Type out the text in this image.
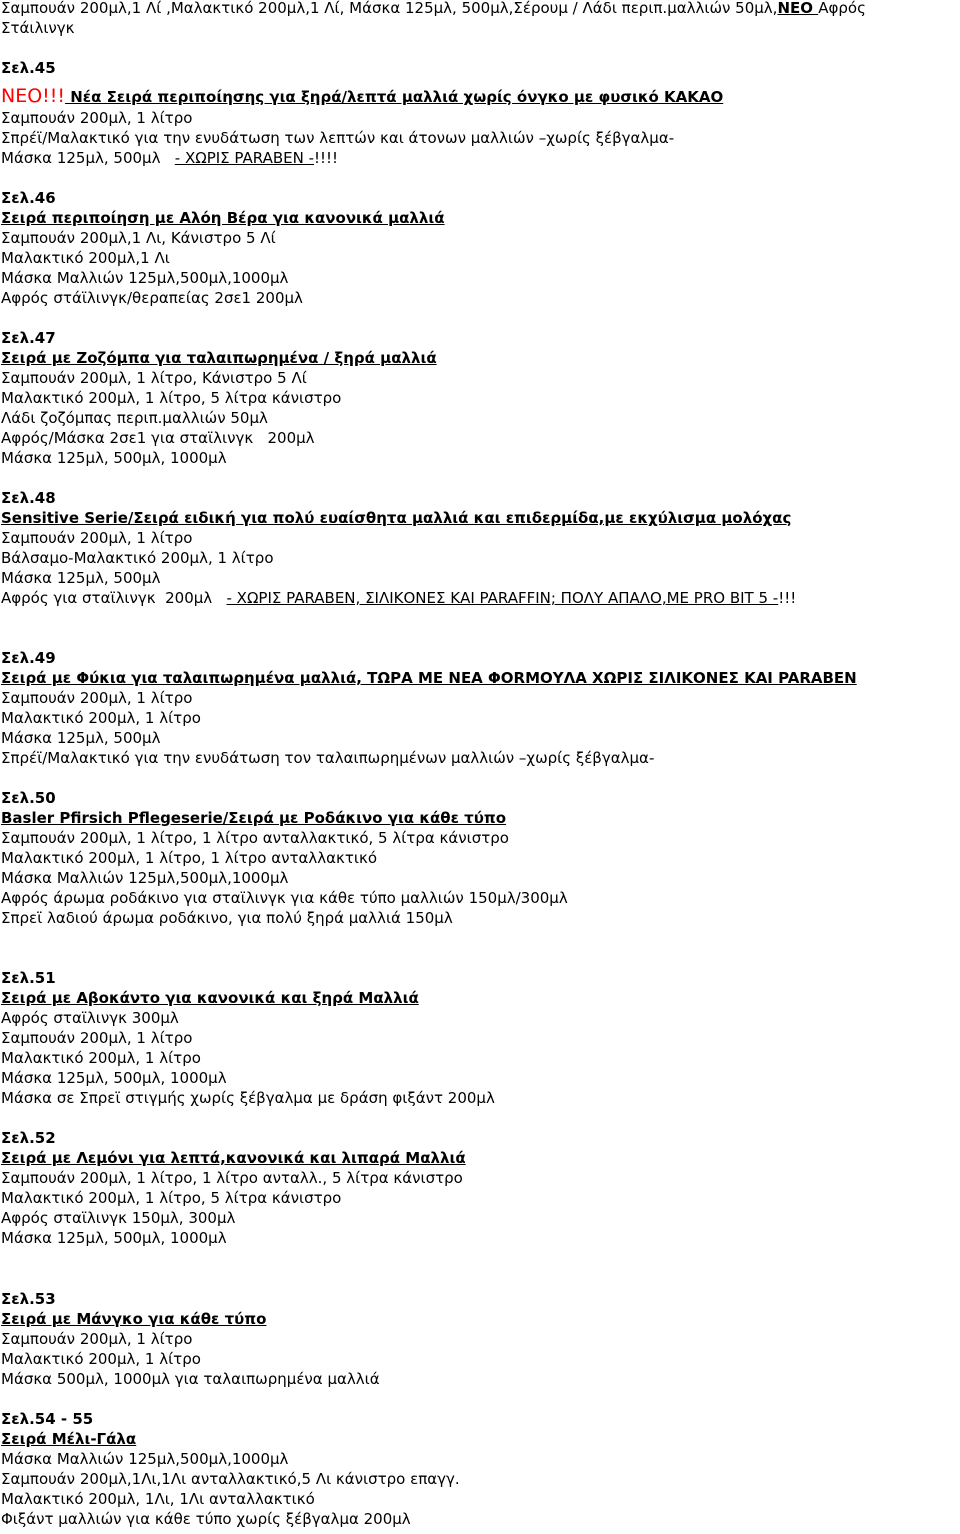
Σαμπουάν 200μλ,1 Λί ,Μαλακτικό 200μλ,1 Λί, Μάσκα 125μλ, 500μλ,Σέρουμ / Λάδι περιπ.μαλλιών 50μλ,ΝΕΟ Αφρός
Στάιλινγκ
Σελ.45
ΝΕΟ!!! Νέα Σειρά περιποίησης για ξηρά/λεπτά μαλλιά χωρίς όνγκο με φυσικό ΚΑΚΑΟ
Σαμπουάν 200μλ, 1 λίτρο
Σπρέϊ/Μαλακτικό για την ενυδάτωση των λεπτών και άτονων μαλλιών –χωρίς ξέβγαλμα-
Μάσκα 125μλ, 500μλ   - ΧΩΡΙΣ PARABEN -!!!!
Σελ.46
Σειρά περιποίηση με Αλόη Βέρα για κανονικά μαλλιά
Σαμπουάν 200μλ,1 Λι, Κάνιστρο 5 Λί
Μαλακτικό 200μλ,1 Λι
Μάσκα Μαλλιών 125μλ,500μλ,1000μλ
Αφρός στάϊλινγκ/θεραπείας 2σε1 200μλ
Σελ.47
Σειρά με Ζοζόμπα για ταλαιπωρημένα / ξηρά μαλλιά
Σαμπουάν 200μλ, 1 λίτρο, Κάνιστρο 5 Λί
Μαλακτικό 200μλ, 1 λίτρο, 5 λίτρα κάνιστρο
Λάδι ζοζόμπας περιπ.μαλλιών 50μλ
Αφρός/Μάσκα 2σε1 για σταϊλινγκ   200μλ
Μάσκα 125μλ, 500μλ, 1000μλ
Σελ.48
Sensitive Serie/Σειρά ειδική για πολύ ευαίσθητα μαλλιά και επιδερμίδα,με εκχύλισμα μολόχας
Σαμπουάν 200μλ, 1 λίτρο
Βάλσαμο-Μαλακτικό 200μλ, 1 λίτρο
Μάσκα 125μλ, 500μλ
Αφρός για σταϊλινγκ  200μλ   - ΧΩΡΙΣ PARABEN, ΣΙΛΙΚΟΝΕΣ ΚΑΙ PARAFFIN; ΠΟΛΥ ΑΠΑΛΟ,ΜΕ PRO BIT 5 -!!!
Σελ.49
Σειρά με Φύκια για ταλαιπωρημένα μαλλιά, ΤΩΡΑ ΜΕ ΝΕΑ ΦΟRΜΟΥΛΑ ΧΩΡΙΣ ΣΙΛΙΚΟΝΕΣ ΚΑΙ PARABEN
Σαμπουάν 200μλ, 1 λίτρο
Μαλακτικό 200μλ, 1 λίτρο
Μάσκα 125μλ, 500μλ
Σπρέϊ/Μαλακτικό για την ενυδάτωση τον ταλαιπωρημένων μαλλιών –χωρίς ξέβγαλμα-
Σελ.50
Basler Pfirsich Pflegeserie/Σειρά με Ροδάκινο για κάθε τύπο
Σαμπουάν 200μλ, 1 λίτρο, 1 λίτρο ανταλλακτικό, 5 λίτρα κάνιστρο
Μαλακτικό 200μλ, 1 λίτρο, 1 λίτρο ανταλλακτικό
Μάσκα Μαλλιών 125μλ,500μλ,1000μλ
Αφρός άρωμα ροδάκινο για σταϊλινγκ για κάθε τύπο μαλλιών 150μλ/300μλ
Σπρεϊ λαδιού άρωμα ροδάκινο, για πολύ ξηρά μαλλιά 150μλ
Σελ.51
Σειρά με Αβοκάντο για κανονικά και ξηρά Μαλλιά
Αφρός σταϊλινγκ 300μλ
Σαμπουάν 200μλ, 1 λίτρο
Μαλακτικό 200μλ, 1 λίτρο
Μάσκα 125μλ, 500μλ, 1000μλ
Μάσκα σε Σπρεϊ στιγμής χωρίς ξέβγαλμα με δράση φιξάντ 200μλ
Σελ.52
Σειρά με Λεμόνι για λεπτά,κανονικά και λιπαρά Μαλλιά
Σαμπουάν 200μλ, 1 λίτρο, 1 λίτρο ανταλλ., 5 λίτρα κάνιστρο
Μαλακτικό 200μλ, 1 λίτρο, 5 λίτρα κάνιστρο
Αφρός σταϊλινγκ 150μλ, 300μλ
Μάσκα 125μλ, 500μλ, 1000μλ
Σελ.53
Σειρά με Μάνγκο για κάθε τύπο
Σαμπουάν 200μλ, 1 λίτρο
Μαλακτικό 200μλ, 1 λίτρο
Μάσκα 500μλ, 1000μλ για ταλαιπωρημένα μαλλιά
Σελ.54 - 55
Σειρά Μέλι-Γάλα
Μάσκα Μαλλιών 125μλ,500μλ,1000μλ
Σαμπουάν 200μλ,1Λι,1Λι ανταλλακτικό,5 Λι κάνιστρο επαγγ.
Μαλακτικό 200μλ, 1Λι, 1Λι ανταλλακτικό
Φιξάντ μαλλιών για κάθε τύπο χωρίς ξέβγαλμα 200μλ
